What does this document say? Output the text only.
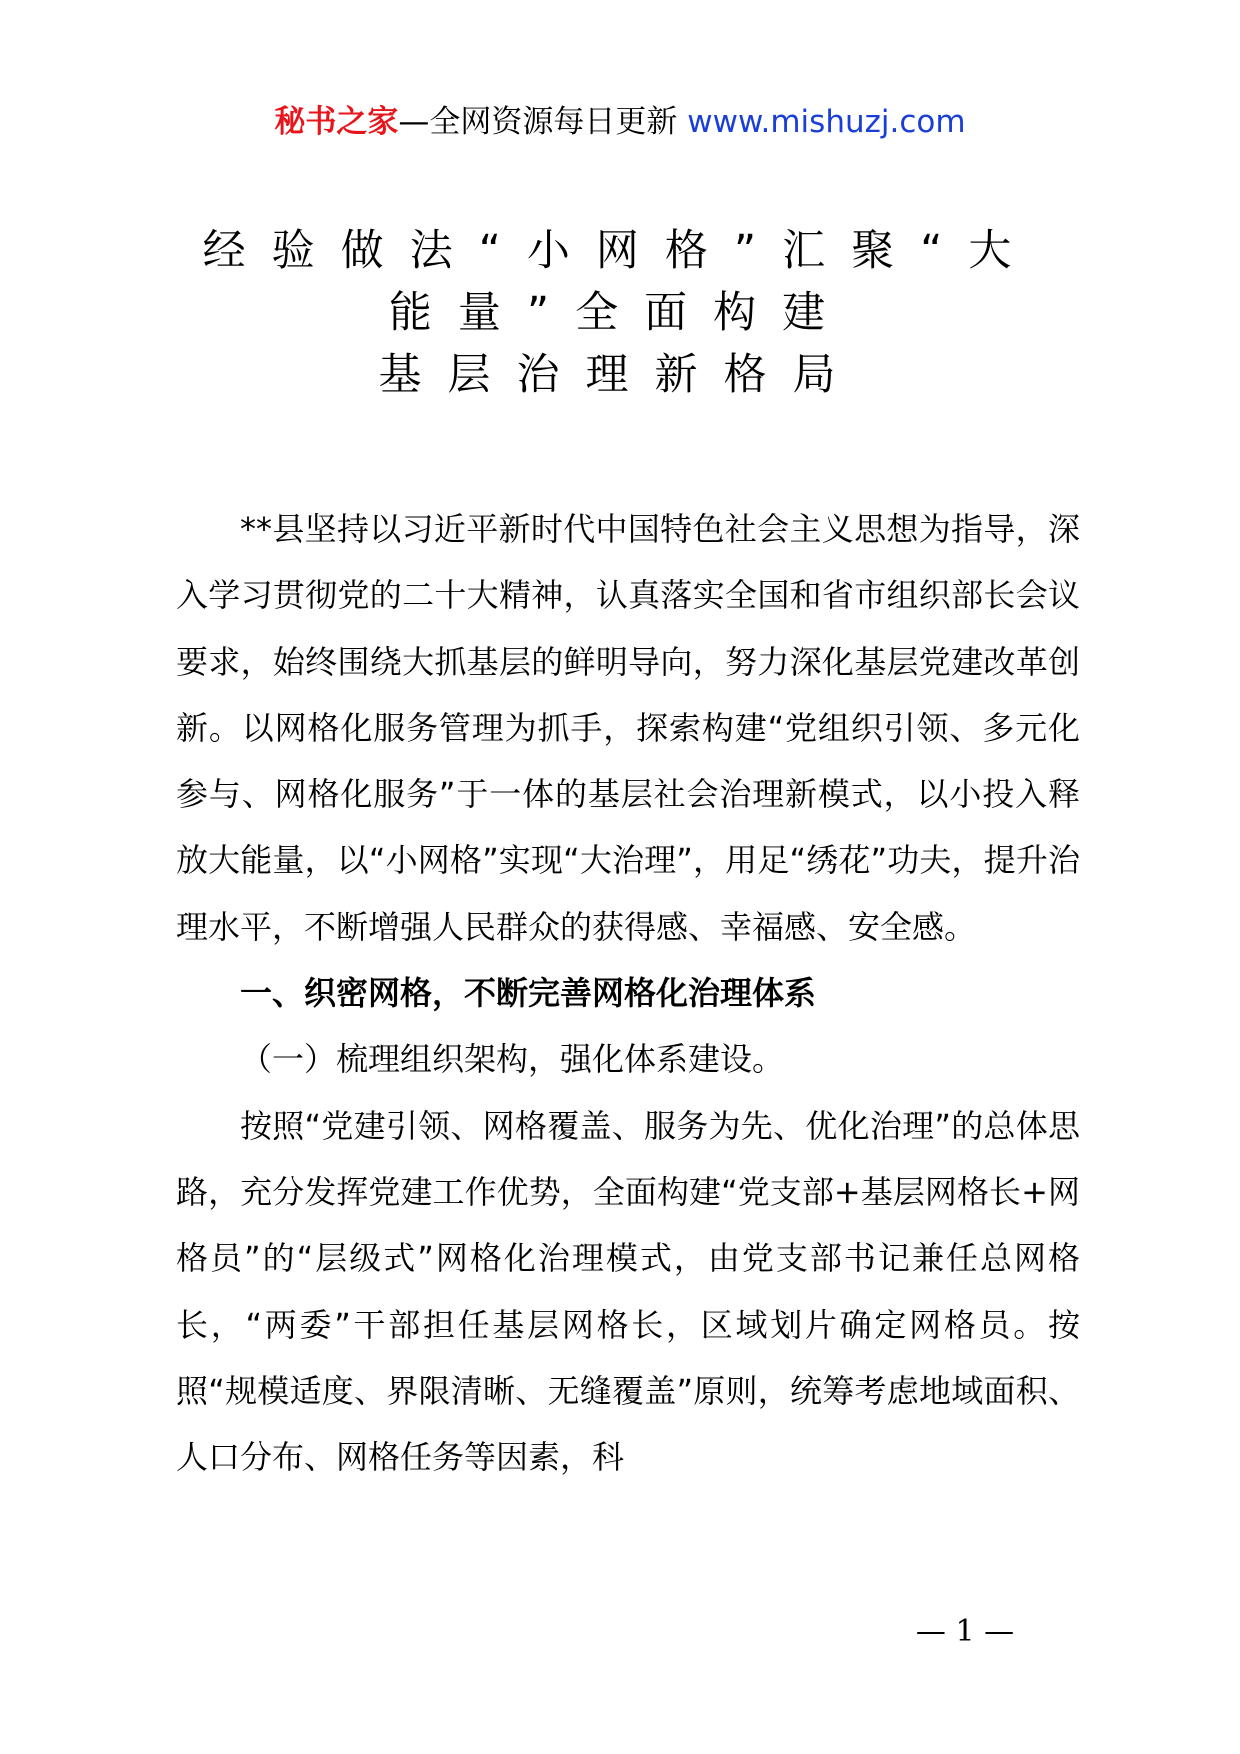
秘书之家—全网资源每日更新 www.mishuzj.com
经验做法“小网格”汇聚“大
能量”全面构建
基层治理新格局

**县坚持以习近平新时代中国特色社会主义思想为指导，深入学习贯彻党的二十大精神，认真落实全国和省市组织部长会议要求，始终围绕大抓基层的鲜明导向，努力深化基层党建改革创新。以网格化服务管理为抓手，探索构建“党组织引领、多元化参与、网格化服务”于一体的基层社会治理新模式，以小投入释放大能量，以“小网格”实现“大治理”，用足“绣花”功夫，提升治理水平，不断增强人民群众的获得感、幸福感、安全感。

一、织密网格，不断完善网格化治理体系

（一）梳理组织架构，强化体系建设。

按照“党建引领、网格覆盖、服务为先、优化治理”的总体思路，充分发挥党建工作优势，全面构建“党支部+基层网格长+网格员”的“层级式”网格化治理模式，由党支部书记兼任总网格长，“两委”干部担任基层网格长，区域划片确定网格员。按照“规模适度、界限清晰、无缝覆盖”原则，统筹考虑地域面积、人口分布、网格任务等因素，科

— 1 —
